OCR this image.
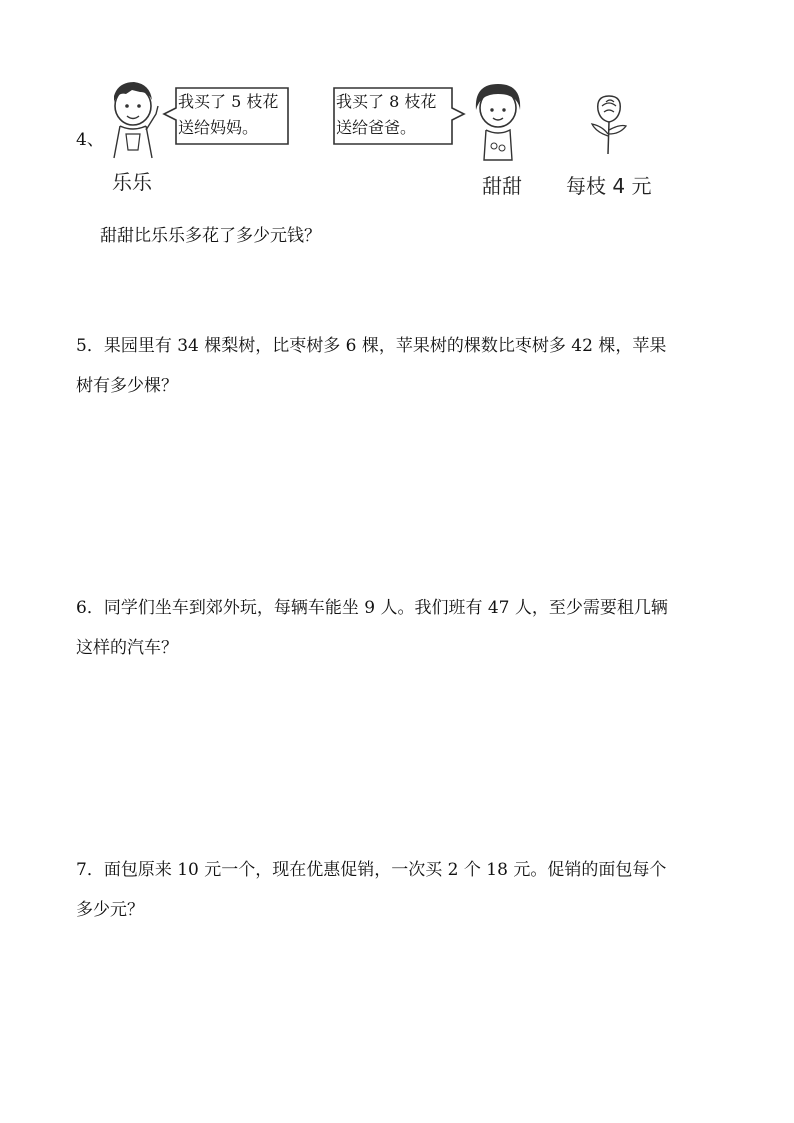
4、
我买了 5 枝花
送给妈妈。
乐乐
我买了 8 枝花
送给爸爸。
甜甜 每枝 4 元
甜甜比乐乐多花了多少元钱？
5．果园里有 34 棵梨树，比枣树多 6 棵，苹果树的棵数比枣树多 42 棵，苹果
树有多少棵？
6．同学们坐车到郊外玩，每辆车能坐 9 人。我们班有 47 人，至少需要租几辆
这样的汽车？
7．面包原来 10 元一个，现在优惠促销，一次买 2 个 18 元。促销的面包每个
多少元？
